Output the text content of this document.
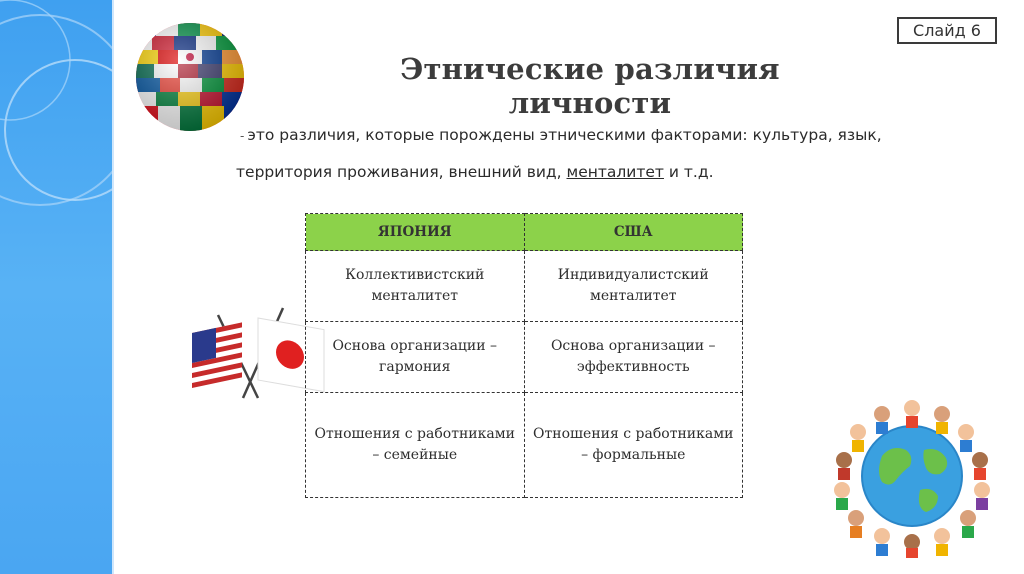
Слайд 6
Этнические различия личности
- это различия, которые порождены этническими факторами: культура, язык,
территория проживания, внешний вид, менталитет и т.д.
ЯПОНИЯ	США
Коллективистский менталитет	Индивидуалистский менталитет
Основа организации – гармония	Основа организации – эффективность
Отношения с работниками – семейные	Отношения с работниками – формальные
